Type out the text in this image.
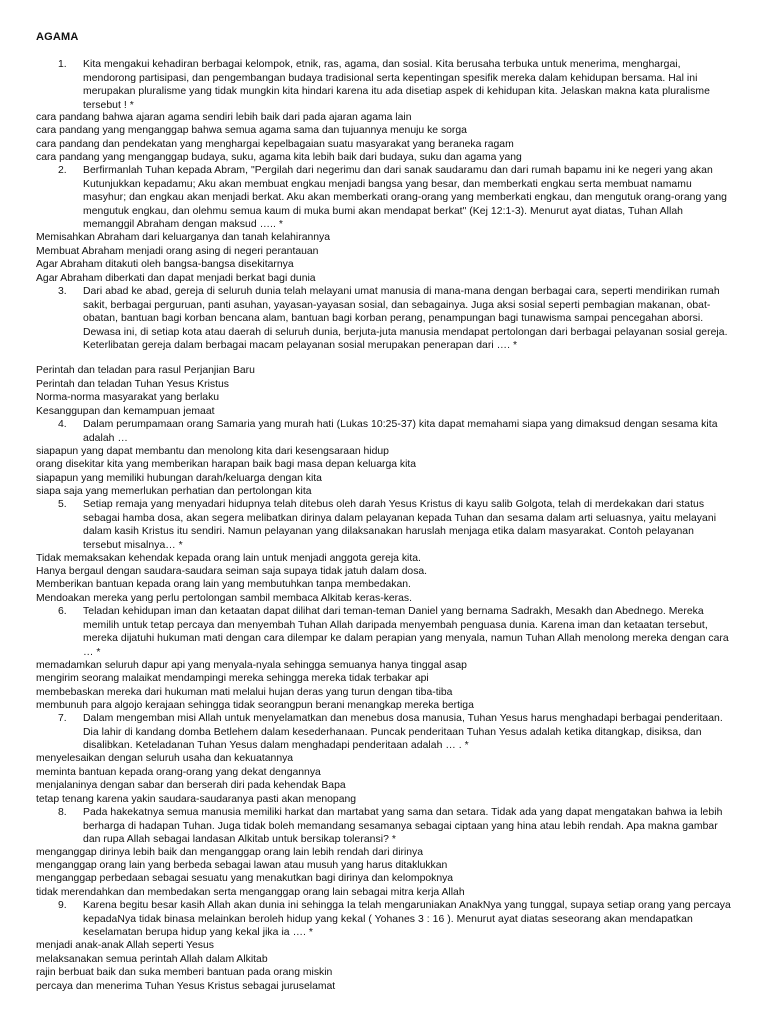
AGAMA
1.	Kita mengakui kehadiran berbagai kelompok, etnik, ras, agama, dan sosial. Kita berusaha terbuka untuk menerima, menghargai, mendorong partisipasi, dan pengembangan budaya tradisional serta kepentingan spesifik mereka dalam kehidupan bersama. Hal ini merupakan pluralisme yang tidak mungkin kita hindari karena itu ada disetiap aspek di kehidupan kita. Jelaskan makna kata pluralisme tersebut ! *
cara pandang bahwa ajaran agama sendiri lebih baik dari pada ajaran agama lain
cara pandang yang menganggap bahwa semua agama sama dan tujuannya menuju ke sorga
cara pandang dan pendekatan yang menghargai kepelbagaian suatu masyarakat yang beraneka ragam
cara pandang yang menganggap budaya, suku, agama kita lebih baik dari budaya, suku dan agama yang
2.	Berfirmanlah Tuhan kepada Abram, "Pergilah dari negerimu dan dari sanak saudaramu dan dari rumah bapamu ini ke negeri yang akan Kutunjukkan kepadamu; Aku akan membuat engkau menjadi bangsa yang besar, dan memberkati engkau serta membuat namamu masyhur; dan engkau akan menjadi berkat. Aku akan memberkati orang-orang yang memberkati engkau, dan mengutuk orang-orang yang mengutuk engkau, dan olehmu semua kaum di muka bumi akan mendapat berkat" (Kej 12:1-3). Menurut ayat diatas, Tuhan Allah memanggil Abraham dengan maksud ….. *
Memisahkan Abraham dari keluarganya dan tanah kelahirannya
Membuat Abraham menjadi orang asing di negeri perantauan
Agar Abraham ditakuti oleh bangsa-bangsa disekitarnya
Agar Abraham diberkati dan dapat menjadi berkat bagi dunia
3.	Dari abad ke abad, gereja di seluruh dunia telah melayani umat manusia di mana-mana dengan berbagai cara, seperti mendirikan rumah sakit, berbagai perguruan, panti asuhan, yayasan-yayasan sosial, dan sebagainya. Juga aksi sosial seperti pembagian makanan, obat-obatan, bantuan bagi korban bencana alam, bantuan bagi korban perang, penampungan bagi tunawisma sampai pencegahan aborsi. Dewasa ini, di setiap kota atau daerah di seluruh dunia, berjuta-juta manusia mendapat pertolongan dari berbagai pelayanan sosial gereja. Keterlibatan gereja dalam berbagai macam pelayanan sosial merupakan penerapan dari …. *
Perintah dan teladan para rasul Perjanjian Baru
Perintah dan teladan Tuhan Yesus Kristus
Norma-norma masyarakat yang berlaku
Kesanggupan dan kemampuan jemaat
4.	Dalam perumpamaan orang Samaria yang murah hati (Lukas 10:25-37) kita dapat memahami siapa yang dimaksud dengan sesama kita adalah …
siapapun yang dapat membantu dan menolong kita dari kesengsaraan hidup
orang disekitar kita yang memberikan harapan baik bagi masa depan keluarga kita
siapapun yang memiliki hubungan darah/keluarga dengan kita
siapa saja yang memerlukan perhatian dan pertolongan kita
5.	Setiap remaja yang menyadari hidupnya telah ditebus oleh darah Yesus Kristus di kayu salib Golgota, telah di merdekakan dari status sebagai hamba dosa, akan segera melibatkan dirinya dalam pelayanan kepada Tuhan dan sesama dalam arti seluasnya, yaitu melayani dalam kasih Kristus itu sendiri. Namun pelayanan yang dilaksanakan haruslah menjaga etika dalam masyarakat. Contoh pelayanan tersebut misalnya… *
Tidak memaksakan kehendak kepada orang lain untuk menjadi anggota gereja kita.
Hanya bergaul dengan saudara-saudara seiman saja supaya tidak jatuh dalam dosa.
Memberikan bantuan kepada orang lain yang membutuhkan tanpa membedakan.
Mendoakan mereka yang perlu pertolongan sambil membaca Alkitab keras-keras.
6.	Teladan kehidupan iman dan ketaatan dapat dilihat dari teman-teman Daniel yang bernama Sadrakh, Mesakh dan Abednego. Mereka memilih untuk tetap percaya dan menyembah Tuhan Allah daripada menyembah penguasa dunia. Karena iman dan ketaatan tersebut, mereka dijatuhi hukuman mati dengan cara dilempar ke dalam perapian yang menyala, namun Tuhan Allah menolong mereka dengan cara … *
memadamkan seluruh dapur api yang menyala-nyala sehingga semuanya hanya tinggal asap
mengirim seorang malaikat mendampingi mereka sehingga mereka tidak terbakar api
membebaskan mereka dari hukuman mati melalui hujan deras yang turun dengan tiba-tiba
membunuh para algojo kerajaan sehingga tidak seorangpun berani menangkap mereka bertiga
7.	Dalam mengemban misi Allah untuk menyelamatkan dan menebus dosa manusia, Tuhan Yesus harus menghadapi berbagai penderitaan. Dia lahir di kandang domba Betlehem dalam kesederhanaan. Puncak penderitaan Tuhan Yesus adalah ketika ditangkap, disiksa, dan disalibkan. Keteladanan Tuhan Yesus dalam menghadapi penderitaan adalah … . *
menyelesaikan dengan seluruh usaha dan kekuatannya
meminta bantuan kepada orang-orang yang dekat dengannya
menjalaninya dengan sabar dan berserah diri pada kehendak Bapa
tetap tenang karena yakin saudara-saudaranya pasti akan menopang
8.	Pada hakekatnya semua manusia memiliki harkat dan martabat yang sama dan setara. Tidak ada yang dapat mengatakan bahwa ia lebih berharga di hadapan Tuhan. Juga tidak boleh memandang sesamanya sebagai ciptaan yang hina atau lebih rendah. Apa makna gambar dan rupa Allah sebagai landasan Alkitab untuk bersikap toleransi? *
menganggap dirinya lebih baik dan menganggap orang lain lebih rendah dari dirinya
menganggap orang lain yang berbeda sebagai lawan atau musuh yang harus ditaklukkan
menganggap perbedaan sebagai sesuatu yang menakutkan bagi dirinya dan kelompoknya
tidak merendahkan dan membedakan serta menganggap orang lain sebagai mitra kerja Allah
9.	Karena begitu besar kasih Allah akan dunia ini sehingga Ia telah mengaruniakan AnakNya yang tunggal, supaya setiap orang yang percaya kepadaNya tidak binasa melainkan beroleh hidup yang kekal ( Yohanes 3 : 16 ). Menurut ayat diatas seseorang akan mendapatkan keselamatan berupa hidup yang kekal jika ia …. *
menjadi anak-anak Allah seperti Yesus
melaksanakan semua perintah Allah dalam Alkitab
rajin berbuat baik dan suka memberi bantuan pada orang miskin
percaya dan menerima Tuhan Yesus Kristus sebagai juruselamat
